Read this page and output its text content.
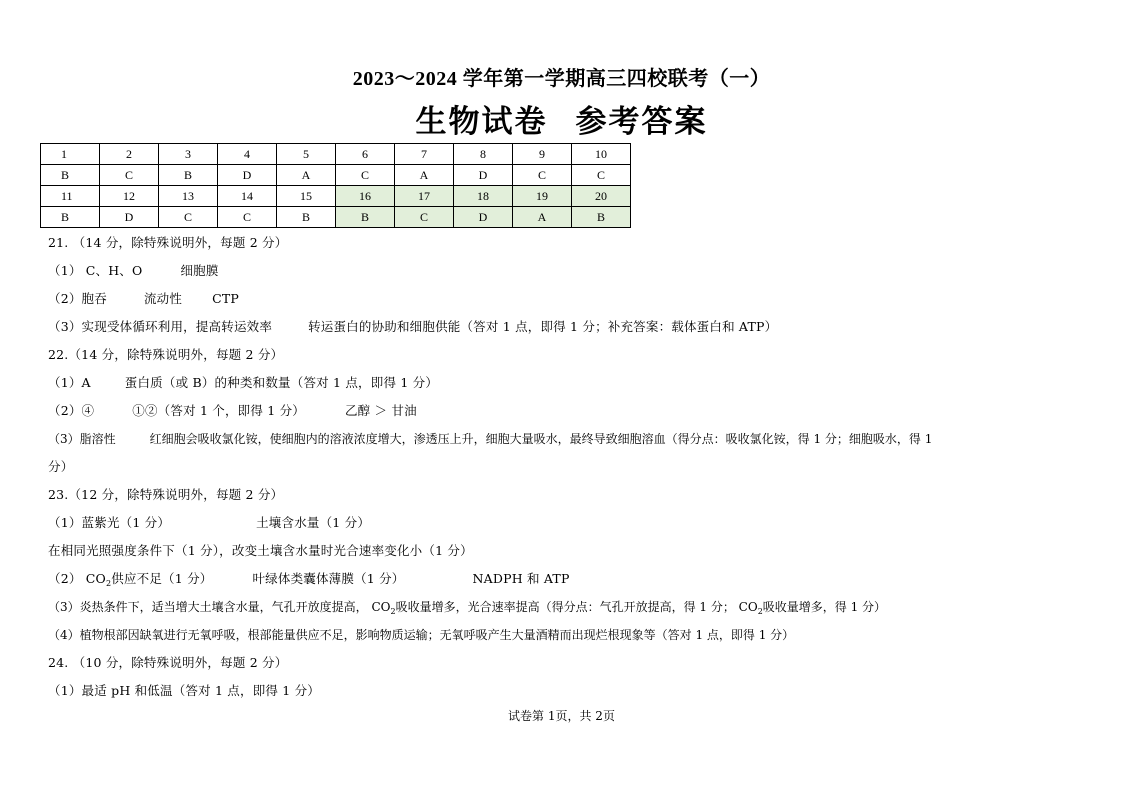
2023～2024 学年第一学期高三四校联考（一）
生物试卷 参考答案
1	2	3	4	5	6	7	8	9	10
B	C	B	D	A	C	A	D	C	C
11	12	13	14	15	16	17	18	19	20
B	D	C	C	B	B	C	D	A	B
21. （14 分，除特殊说明外，每题 2 分）
（1） C、H、O	细胞膜
（2）胞吞	流动性 CTP
（3）实现受体循环利用，提高转运效率	转运蛋白的协助和细胞供能（答对 1 点，即得 1 分；补充答案：载体蛋白和 ATP）
22.（14 分，除特殊说明外，每题 2 分）
（1）A	蛋白质（或 B）的种类和数量（答对 1 点，即得 1 分）
（2）④	①②（答对 1 个，即得 1 分）	乙醇 ＞ 甘油
（3）脂溶性	红细胞会吸收氯化铵，使细胞内的溶液浓度增大，渗透压上升，细胞大量吸水，最终导致细胞溶血（得分点：吸收氯化铵，得 1 分；细胞吸水，得 1
分）
23.（12 分，除特殊说明外，每题 2 分）
（1）蓝紫光（1 分）	土壤含水量（1 分）
在相同光照强度条件下（1 分），改变土壤含水量时光合速率变化小（1 分）
（2） $CO_2$供应不足（1 分）	叶绿体类囊体薄膜（1 分）	NADPH 和 ATP
（3）炎热条件下，适当增大土壤含水量，气孔开放度提高， $CO_2$吸收量增多，光合速率提高（得分点：气孔开放提高，得 1 分； $CO_2$吸收量增多，得 1 分）
（4）植物根部因缺氧进行无氧呼吸，根部能量供应不足，影响物质运输；无氧呼吸产生大量酒精而出现烂根现象等（答对 1 点，即得 1 分）
24. （10 分，除特殊说明外，每题 2 分）
（1）最适 pH 和低温（答对 1 点，即得 1 分）
试卷第 1页，共 2页
